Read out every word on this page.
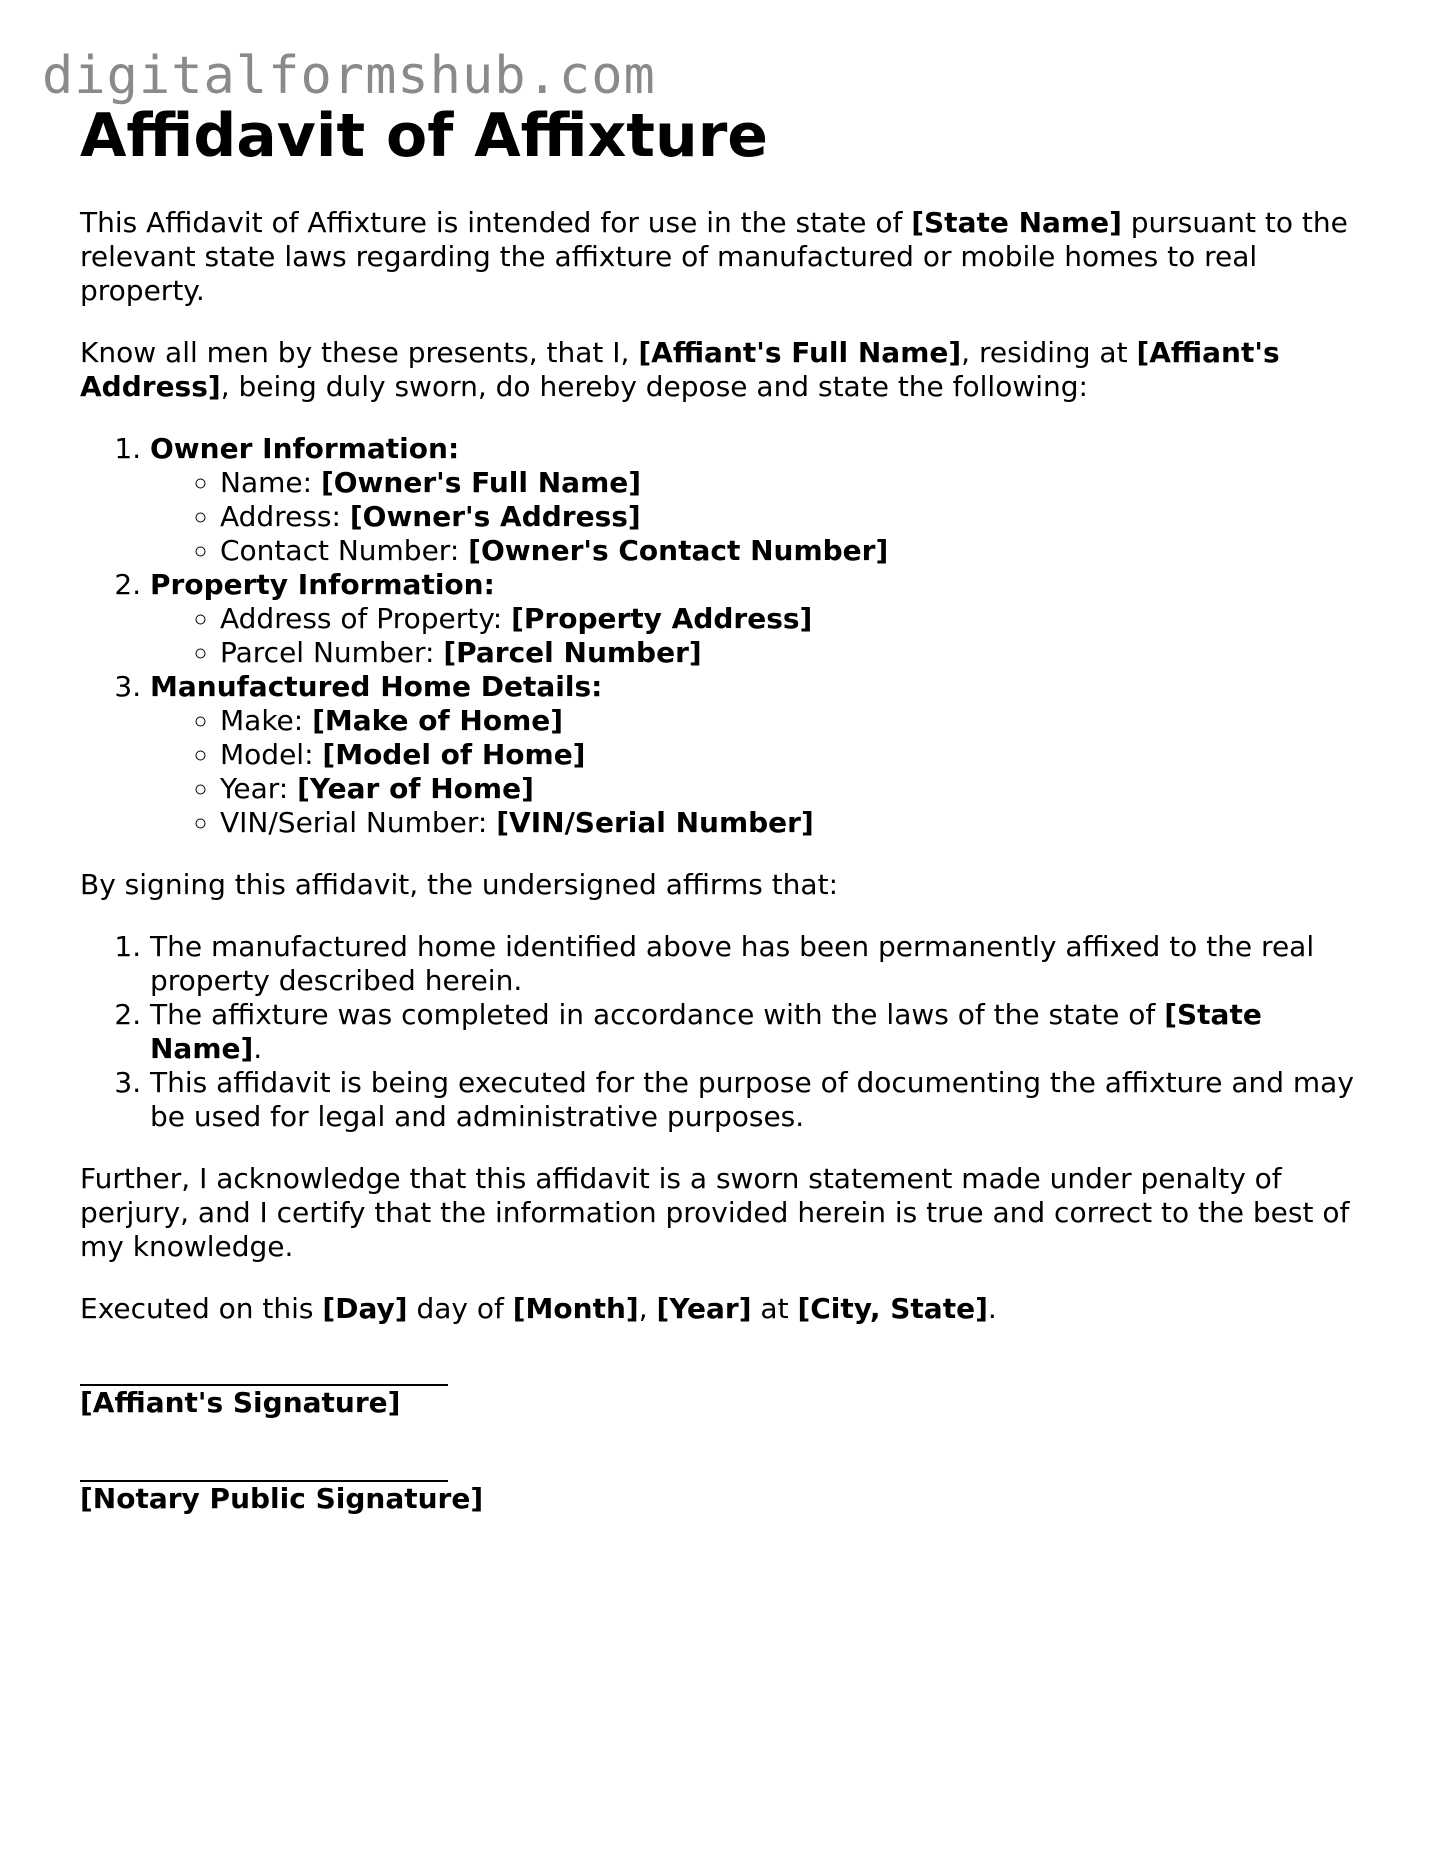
digitalformshub.com
Affidavit of Affixture

This Affidavit of Affixture is intended for use in the state of [State Name] pursuant to the relevant state laws regarding the affixture of manufactured or mobile homes to real property.

Know all men by these presents, that I, [Affiant's Full Name], residing at [Affiant's Address], being duly sworn, do hereby depose and state the following:

1. Owner Information:
◦ Name: [Owner's Full Name]
◦ Address: [Owner's Address]
◦ Contact Number: [Owner's Contact Number]
2. Property Information:
◦ Address of Property: [Property Address]
◦ Parcel Number: [Parcel Number]
3. Manufactured Home Details:
◦ Make: [Make of Home]
◦ Model: [Model of Home]
◦ Year: [Year of Home]
◦ VIN/Serial Number: [VIN/Serial Number]

By signing this affidavit, the undersigned affirms that:

1. The manufactured home identified above has been permanently affixed to the real property described herein.
2. The affixture was completed in accordance with the laws of the state of [State Name].
3. This affidavit is being executed for the purpose of documenting the affixture and may be used for legal and administrative purposes.

Further, I acknowledge that this affidavit is a sworn statement made under penalty of perjury, and I certify that the information provided herein is true and correct to the best of my knowledge.

Executed on this [Day] day of [Month], [Year] at [City, State].

[Affiant's Signature]
[Notary Public Signature]
